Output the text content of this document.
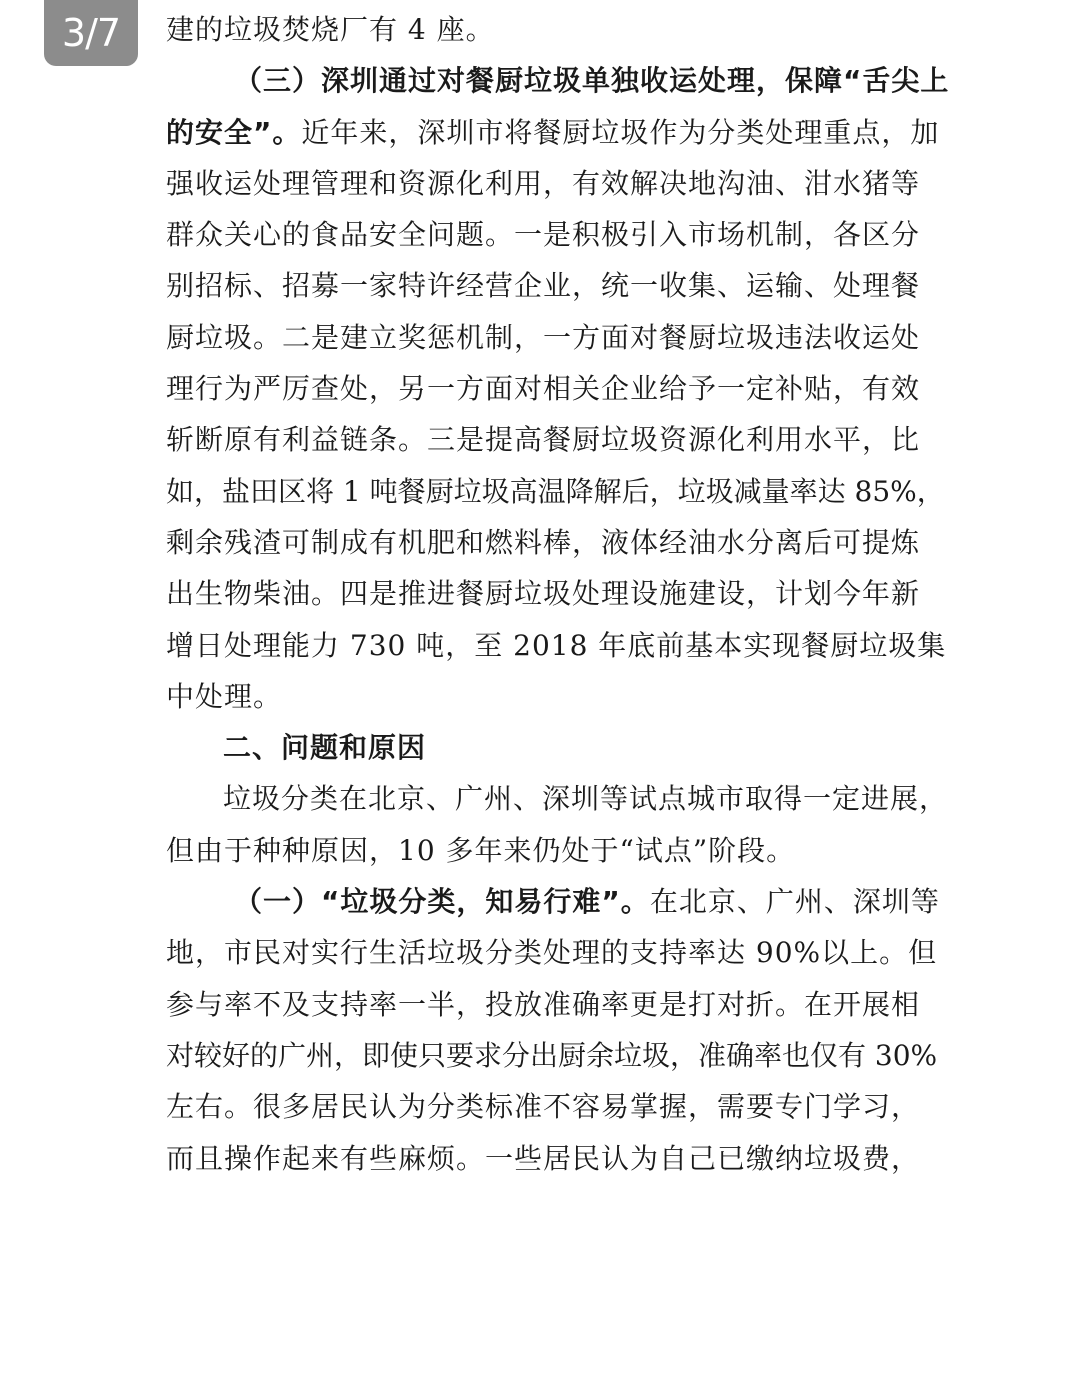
3/7	建的垃圾焚烧厂有 4 座。
（三）深圳通过对餐厨垃圾单独收运处理，保障“舌尖上
的安全”。近年来，深圳市将餐厨垃圾作为分类处理重点，加
强收运处理管理和资源化利用，有效解决地沟油、泔水猪等
群众关心的食品安全问题。一是积极引入市场机制，各区分
别招标、招募一家特许经营企业，统一收集、运输、处理餐
厨垃圾。二是建立奖惩机制，一方面对餐厨垃圾违法收运处
理行为严厉查处，另一方面对相关企业给予一定补贴，有效
斩断原有利益链条。三是提高餐厨垃圾资源化利用水平，比
如，盐田区将 1 吨餐厨垃圾高温降解后，垃圾减量率达 85%，
剩余残渣可制成有机肥和燃料棒，液体经油水分离后可提炼
出生物柴油。四是推进餐厨垃圾处理设施建设，计划今年新
增日处理能力 730 吨，至 2018 年底前基本实现餐厨垃圾集
中处理。
二、问题和原因
垃圾分类在北京、广州、深圳等试点城市取得一定进展，
但由于种种原因，10 多年来仍处于“试点”阶段。
（一）“垃圾分类，知易行难”。在北京、广州、深圳等
地，市民对实行生活垃圾分类处理的支持率达 90%以上。但
参与率不及支持率一半，投放准确率更是打对折。在开展相
对较好的广州，即使只要求分出厨余垃圾，准确率也仅有 30%
左右。很多居民认为分类标准不容易掌握，需要专门学习，
而且操作起来有些麻烦。一些居民认为自己已缴纳垃圾费，
